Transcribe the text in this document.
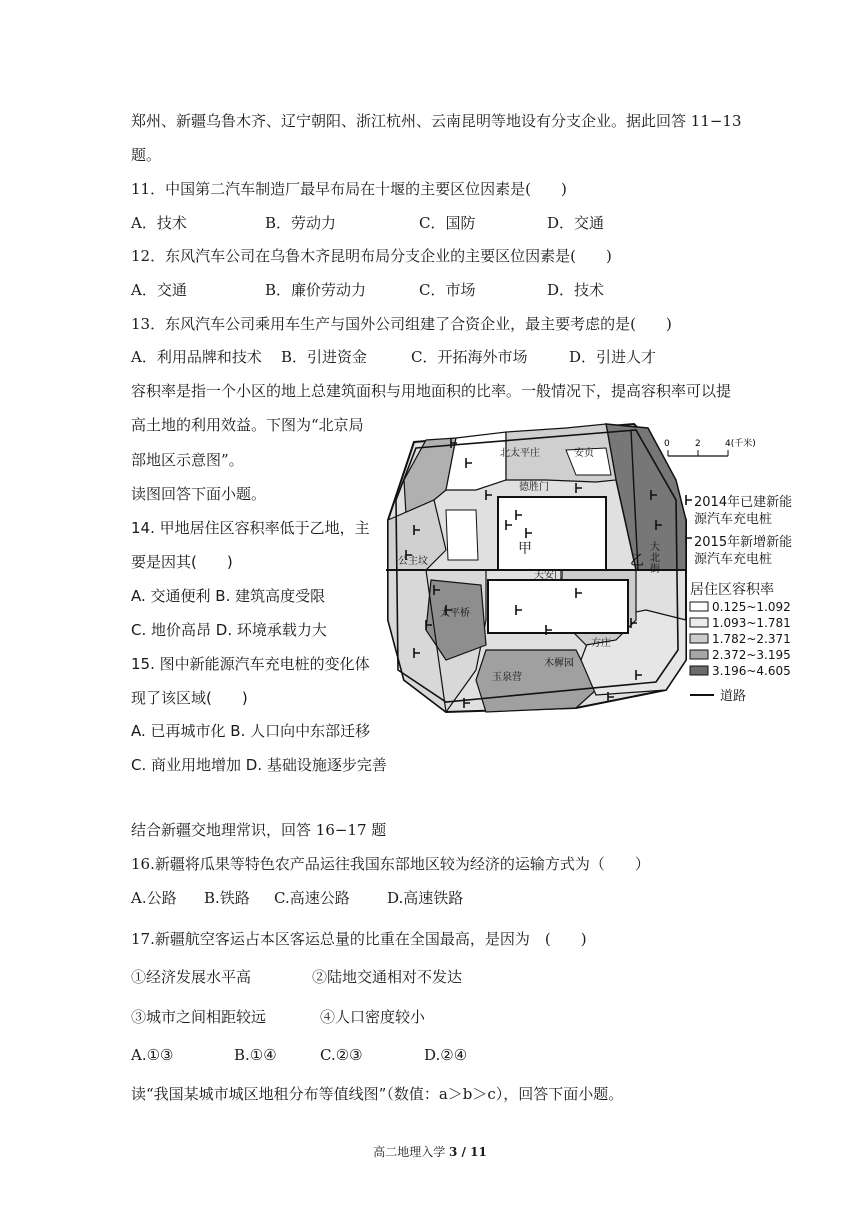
郑州、新疆乌鲁木齐、辽宁朝阳、浙江杭州、云南昆明等地设有分支企业。据此回答 11−13
题。
11．中国第二汽车制造厂最早布局在十堰的主要区位因素是(　　)
A．技术	B．劳动力	C．国防	D．交通
12．东风汽车公司在乌鲁木齐昆明布局分支企业的主要区位因素是(　　)
A．交通	B．廉价劳动力	C．市场	D．技术
13．东风汽车公司乘用车生产与国外公司组建了合资企业，最主要考虑的是(　　)
A．利用品牌和技术 B．引进资金	C．开拓海外市场	D．引进人才
容积率是指一个小区的地上总建筑面积与用地面积的比率。一般情况下，提高容积率可以提
高土地的利用效益。下图为“北京局
部地区示意图”。
读图回答下面小题。
14. 甲地居住区容积率低于乙地，主
要是因其(　　)
A. 交通便利 B. 建筑高度受限
C. 地价高昂 D. 环境承载力大
15. 图中新能源汽车充电桩的变化体
现了该区域(　　)
A. 已再城市化 B. 人口向中东部迁移
C. 商业用地增加 D. 基础设施逐步完善
北太平庄	安贞
德胜门
甲
公主坟
天安门
乙
大北街
太平桥
方庄
木樨园
玉泉营
0	2	4(千米)
2014年已建新能
源汽车充电桩
2015年新增新能
源汽车充电桩
居住区容积率
0.125~1.092
1.093~1.781
1.782~2.371
2.372~3.195
3.196~4.605
道路
结合新疆交地理常识，回答 16−17 题
16.新疆将瓜果等特色农产品运往我国东部地区较为经济的运输方式为（　　）
A.公路 B.铁路 C.高速公路 D.高速铁路
17.新疆航空客运占本区客运总量的比重在全国最高，是因为　(　　)
①经济发展水平高	②陆地交通相对不发达
③城市之间相距较远	④人口密度较小
A.①③	B.①④	C.②③	D.②④
读“我国某城市城区地租分布等值线图”（数值：a＞b＞c），回答下面小题。
高二地理入学 3 / 11
